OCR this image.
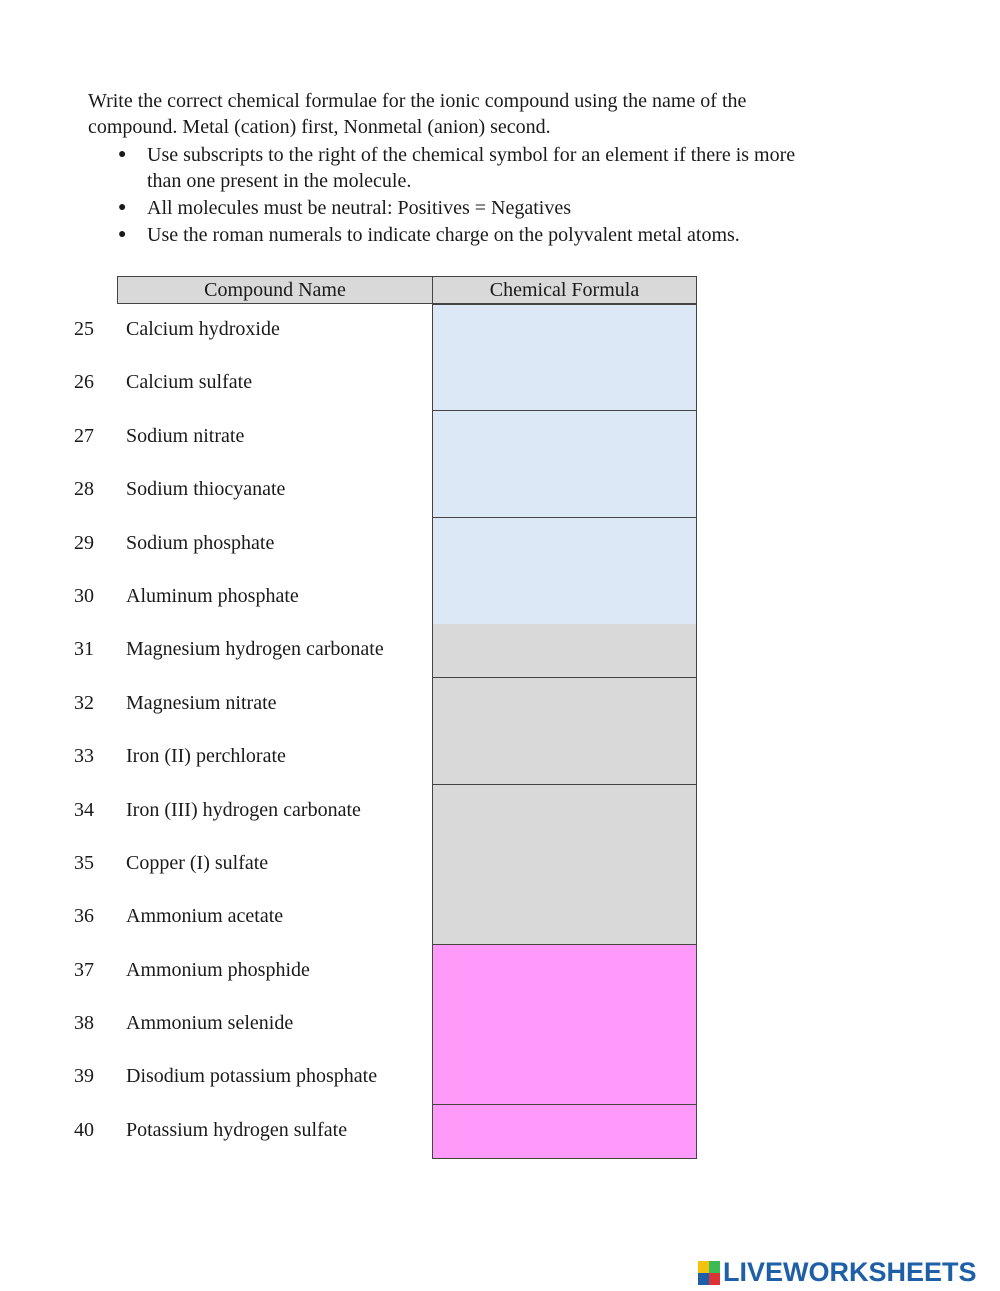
Write the correct chemical formulae for the ionic compound using the name of the

compound. Metal (cation) first, Nonmetal (anion) second.

● Use subscripts to the right of the chemical symbol for an element if there is more
than one present in the molecule.
● All molecules must be neutral: Positives = Negatives
● Use the roman numerals to indicate charge on the polyvalent metal atoms.
Compound Name	Chemical Formula
25 Calcium hydroxide
26 Calcium sulfate
27 Sodium nitrate
28 Sodium thiocyanate
29 Sodium phosphate
30 Aluminum phosphate
31 Magnesium hydrogen carbonate
32 Magnesium nitrate
33 Iron (II) perchlorate
34 Iron (III) hydrogen carbonate
35 Copper (I) sulfate
36 Ammonium acetate
37 Ammonium phosphide
38 Ammonium selenide
39 Disodium potassium phosphate
40 Potassium hydrogen sulfate
LIVEWORKSHEETS
